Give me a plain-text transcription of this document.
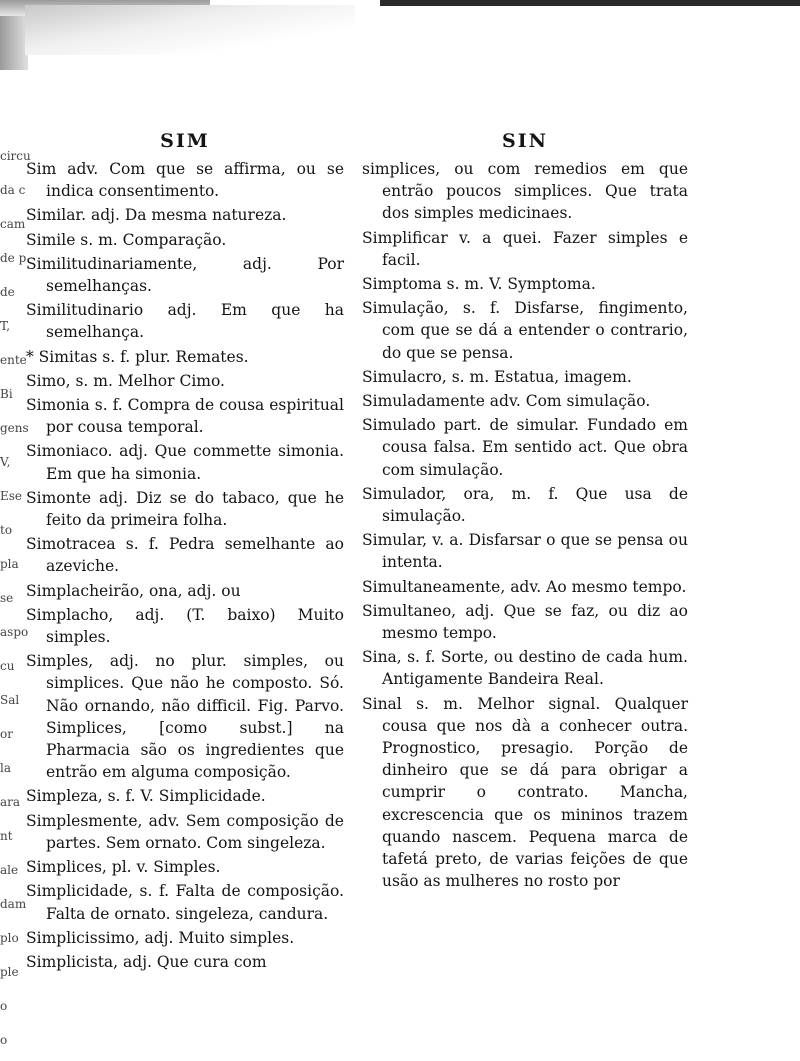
circu
da c
cam
de p
de
T,
ente
Bi
gens
V,
Ese
to
pla
se
aspo
cu
Sal
or
la
ara
nt
ale
dam
plo
ple
o
o
SIM

Sim adv. Com que se affirma, ou se indica consentimento.

Similar. adj. Da mesma natureza.

Simile s. m. Comparação.

Similitudinariamente, adj. Por semelhanças.

Similitudinario adj. Em que ha semelhança.

* Simitas s. f. plur. Remates.

Simo, s. m. Melhor Cimo.

Simonia s. f. Compra de cousa espiritual por cousa temporal.

Simoniaco. adj. Que commette simonia. Em que ha simonia.

Simonte adj. Diz se do tabaco, que he feito da primeira folha.

Simotracea s. f. Pedra semelhante ao azeviche.

Simplacheirão, ona, adj. ou

Simplacho, adj. (T. baixo) Muito simples.

Simples, adj. no plur. simples, ou simplices. Que não he composto. Só. Não ornando, não difficil. Fig. Parvo. Simplices, [como subst.] na Pharmacia são os ingredientes que entrão em alguma composição.

Simpleza, s. f. V. Simplicidade.

Simplesmente, adv. Sem composição de partes. Sem ornato. Com singeleza.

Simplices, pl. v. Simples.

Simplicidade, s. f. Falta de composição. Falta de ornato. singeleza, candura.

Simplicissimo, adj. Muito simples.

Simplicista, adj. Que cura com

SIN

simplices, ou com remedios em que entrão poucos simplices. Que trata dos simples medicinaes.

Simplificar v. a quei. Fazer simples e facil.

Simptoma s. m. V. Symptoma.

Simulação, s. f. Disfarse, fingimento, com que se dá a entender o contrario, do que se pensa.

Simulacro, s. m. Estatua, imagem.

Simuladamente adv. Com simulação.

Simulado part. de simular. Fundado em cousa falsa. Em sentido act. Que obra com simulação.

Simulador, ora, m. f. Que usa de simulação.

Simular, v. a. Disfarsar o que se pensa ou intenta.

Simultaneamente, adv. Ao mesmo tempo.

Simultaneo, adj. Que se faz, ou diz ao mesmo tempo.

Sina, s. f. Sorte, ou destino de cada hum. Antigamente Bandeira Real.

Sinal s. m. Melhor signal. Qualquer cousa que nos dà a conhecer outra. Prognostico, presagio. Porção de dinheiro que se dá para obrigar a cumprir o contrato. Mancha, excrescencia que os mininos trazem quando nascem. Pequena marca de tafetá preto, de varias feições de que usão as mulheres no rosto por
